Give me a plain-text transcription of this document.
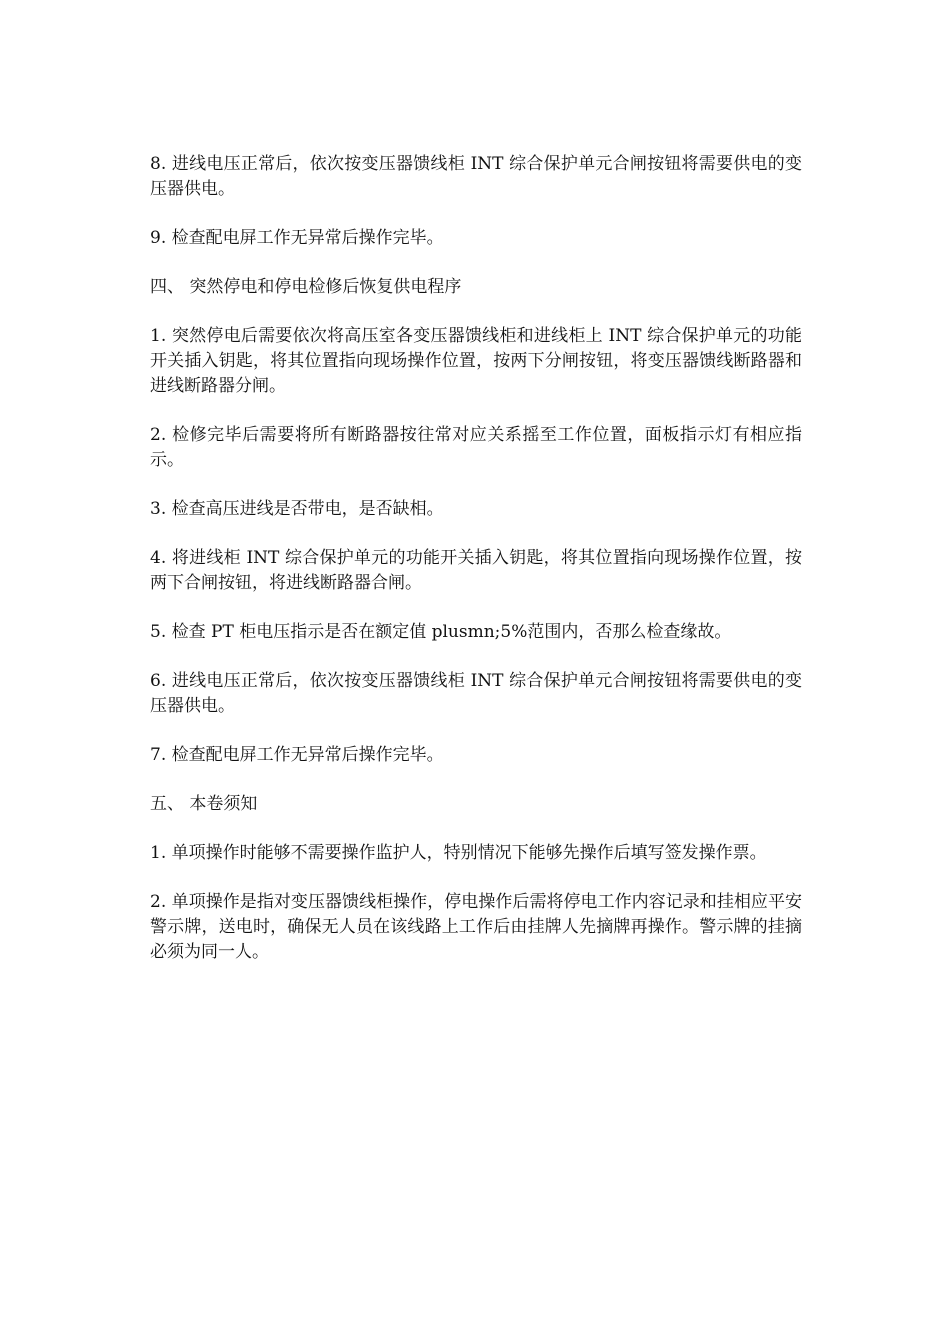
8. 进线电压正常后，依次按变压器馈线柜 INT 综合保护单元合闸按钮将需要供电的变压器供电。

9. 检查配电屏工作无异常后操作完毕。

四、 突然停电和停电检修后恢复供电程序

1. 突然停电后需要依次将高压室各变压器馈线柜和进线柜上 INT 综合保护单元的功能开关插入钥匙，将其位置指向现场操作位置，按两下分闸按钮，将变压器馈线断路器和进线断路器分闸。

2. 检修完毕后需要将所有断路器按往常对应关系摇至工作位置，面板指示灯有相应指示。

3. 检查高压进线是否带电，是否缺相。

4. 将进线柜 INT 综合保护单元的功能开关插入钥匙，将其位置指向现场操作位置，按两下合闸按钮，将进线断路器合闸。

5. 检查 PT 柜电压指示是否在额定值 plusmn;5%范围内，否那么检查缘故。

6. 进线电压正常后，依次按变压器馈线柜 INT 综合保护单元合闸按钮将需要供电的变压器供电。

7. 检查配电屏工作无异常后操作完毕。

五、 本卷须知

1. 单项操作时能够不需要操作监护人，特别情况下能够先操作后填写签发操作票。

2. 单项操作是指对变压器馈线柜操作，停电操作后需将停电工作内容记录和挂相应平安警示牌，送电时，确保无人员在该线路上工作后由挂牌人先摘牌再操作。警示牌的挂摘必须为同一人。
